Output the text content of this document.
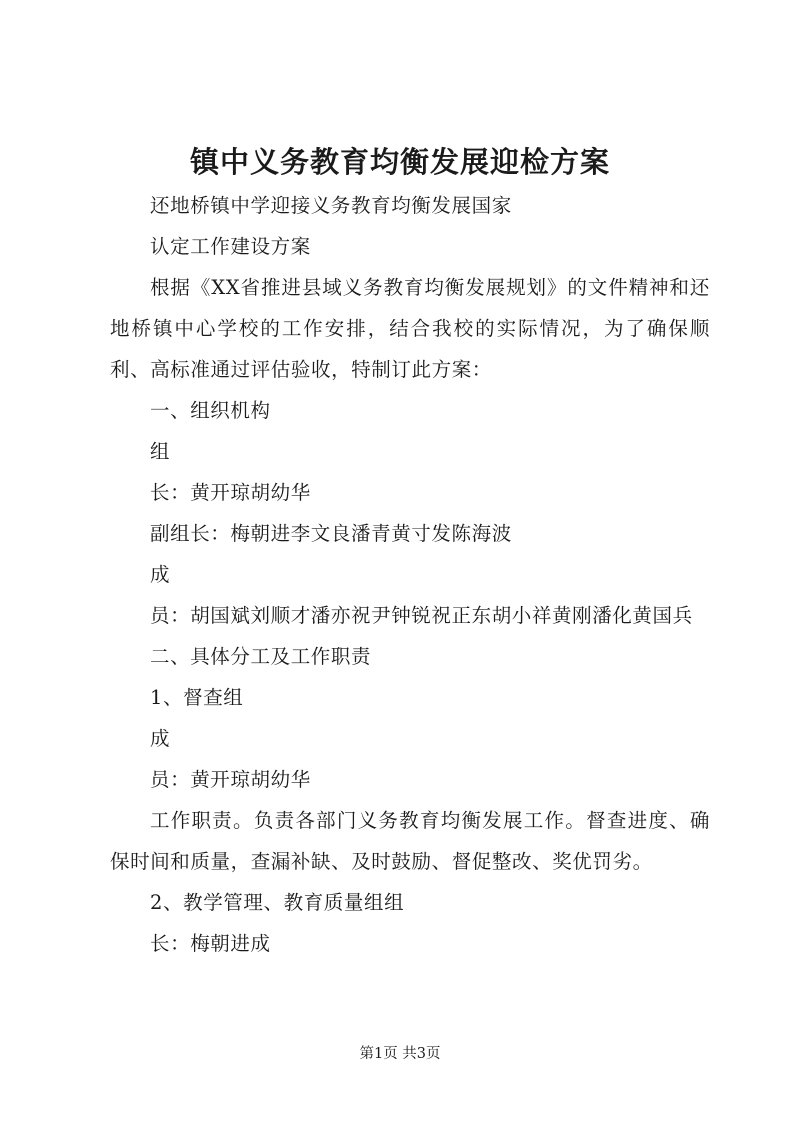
镇中义务教育均衡发展迎检方案

还地桥镇中学迎接义务教育均衡发展国家

认定工作建设方案

根据《XX省推进县域义务教育均衡发展规划》的文件精神和还地桥镇中心学校的工作安排，结合我校的实际情况，为了确保顺利、高标准通过评估验收，特制订此方案：

一、组织机构

组

长：黄开琼胡幼华

副组长：梅朝进李文良潘青黄寸发陈海波

成

员：胡国斌刘顺才潘亦祝尹钟锐祝正东胡小祥黄刚潘化黄国兵

二、具体分工及工作职责

1、督查组

成

员：黄开琼胡幼华

工作职责。负责各部门义务教育均衡发展工作。督查进度、确保时间和质量，查漏补缺、及时鼓励、督促整改、奖优罚劣。

2、教学管理、教育质量组组

长：梅朝进成

第1页 共3页
